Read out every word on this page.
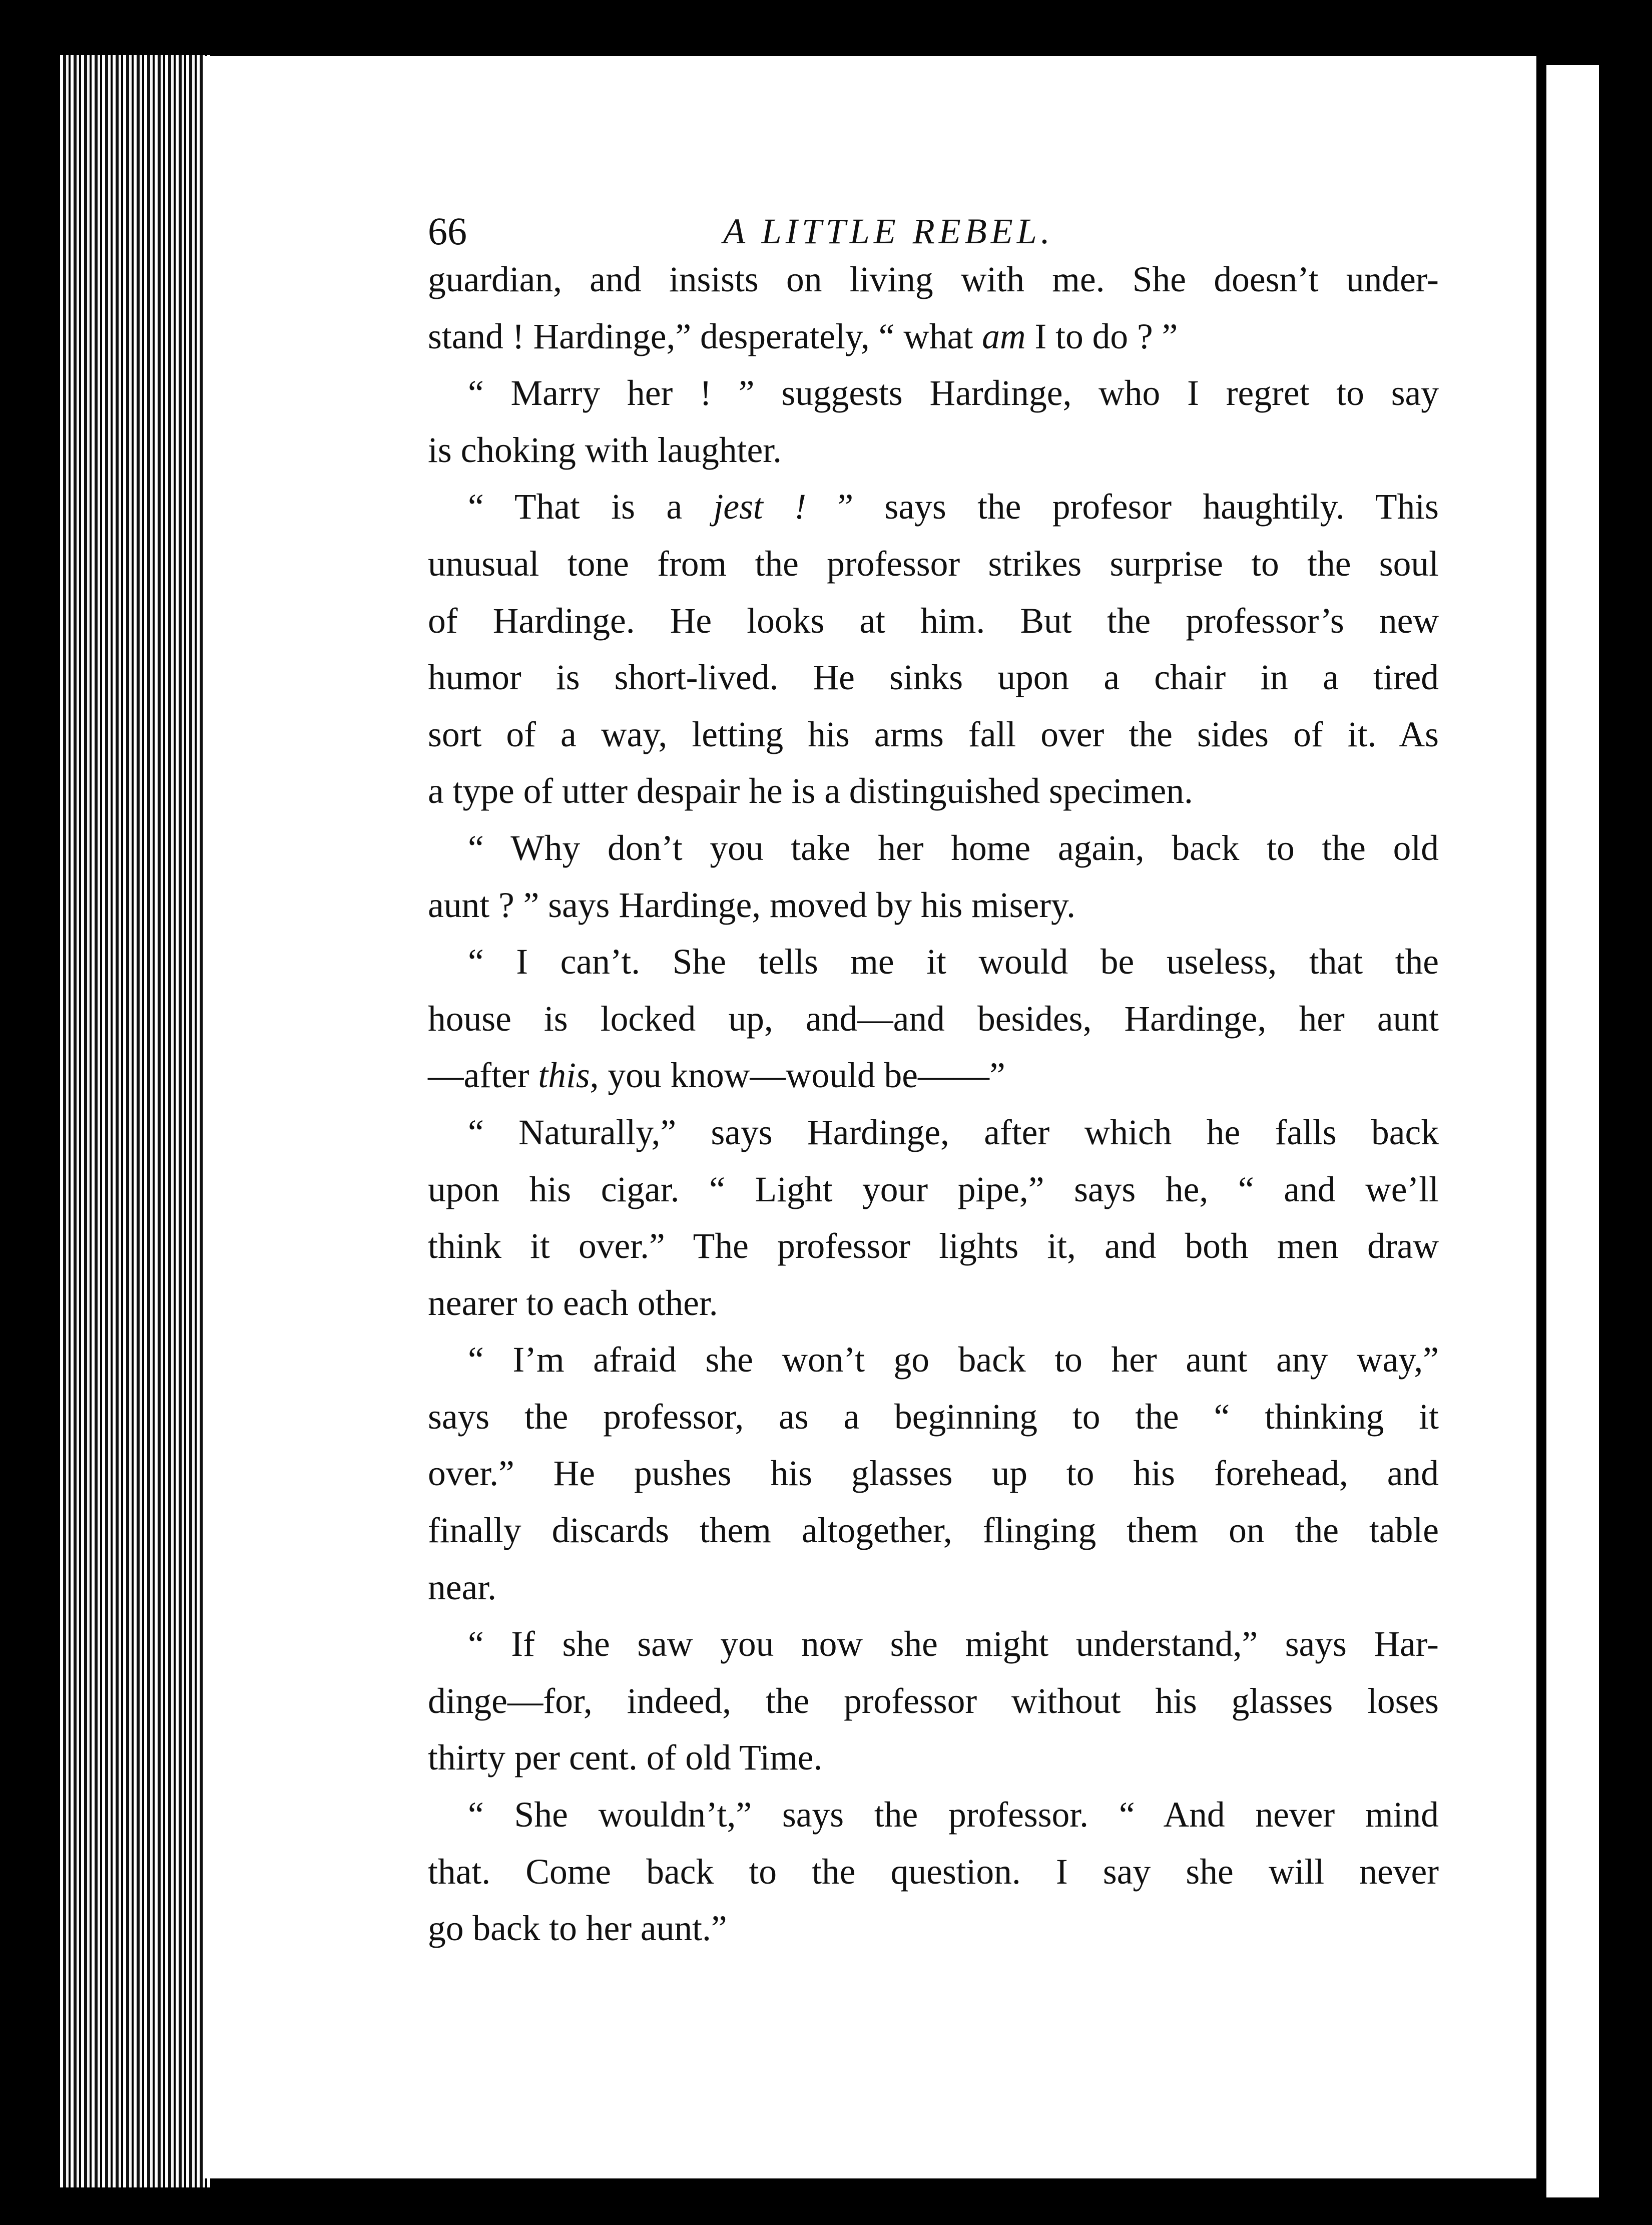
66	A LITTLE REBEL.

guardian, and insists on living with me. She doesn’t under-
stand ! Hardinge,” desperately, “ what am I to do ? ”

“ Marry her ! ” suggests Hardinge, who I regret to say
is choking with laughter.

“ That is a jest ! ” says the profesor haughtily. This
unusual tone from the professor strikes surprise to the soul
of Hardinge. He looks at him. But the professor’s new
humor is short-lived. He sinks upon a chair in a tired
sort of a way, letting his arms fall over the sides of it. As
a type of utter despair he is a distinguished specimen.

“ Why don’t you take her home again, back to the old
aunt ? ” says Hardinge, moved by his misery.

“ I can’t. She tells me it would be useless, that the
house is locked up, and—and besides, Hardinge, her aunt
—after this, you know—would be——”

“ Naturally,” says Hardinge, after which he falls back
upon his cigar. “ Light your pipe,” says he, “ and we’ll
think it over.” The professor lights it, and both men draw
nearer to each other.

“ I’m afraid she won’t go back to her aunt any way,”
says the professor, as a beginning to the “ thinking it
over.” He pushes his glasses up to his forehead, and
finally discards them altogether, flinging them on the table
near.

“ If she saw you now she might understand,” says Har-
dinge—for, indeed, the professor without his glasses loses
thirty per cent. of old Time.

“ She wouldn’t,” says the professor. “ And never mind
that. Come back to the question. I say she will never
go back to her aunt.”
